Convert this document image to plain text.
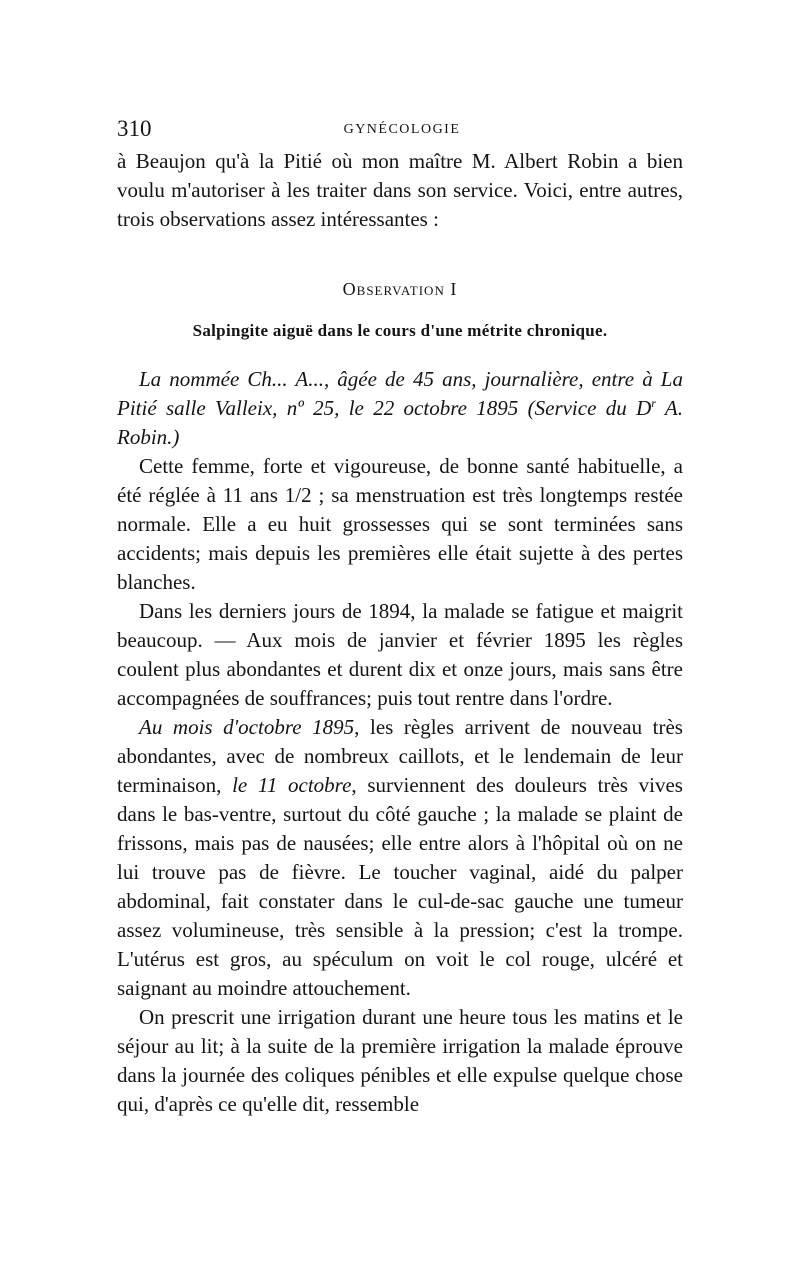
310	GYNÉCOLOGIE

à Beaujon qu'à la Pitié où mon maître M. Albert Robin a bien voulu m'autoriser à les traiter dans son service. Voici, entre autres, trois observations assez intéressantes :

Observation I
Salpingite aiguë dans le cours d'une métrite chronique.

La nommée Ch... A..., âgée de 45 ans, journalière, entre à La Pitié salle Valleix, nº 25, le 22 octobre 1895 (Service du $D^r$ A. Robin.)

Cette femme, forte et vigoureuse, de bonne santé habituelle, a été réglée à 11 ans 1/2 ; sa menstruation est très longtemps restée normale. Elle a eu huit grossesses qui se sont terminées sans accidents; mais depuis les premières elle était sujette à des pertes blanches.

Dans les derniers jours de 1894, la malade se fatigue et maigrit beaucoup. — Aux mois de janvier et février 1895 les règles coulent plus abondantes et durent dix et onze jours, mais sans être accompagnées de souffrances; puis tout rentre dans l'ordre.

Au mois d'octobre 1895, les règles arrivent de nouveau très abondantes, avec de nombreux caillots, et le lendemain de leur terminaison, le 11 octobre, surviennent des douleurs très vives dans le bas-ventre, surtout du côté gauche ; la malade se plaint de frissons, mais pas de nausées; elle entre alors à l'hôpital où on ne lui trouve pas de fièvre. Le toucher vaginal, aidé du palper abdominal, fait constater dans le cul-de-sac gauche une tumeur assez volumineuse, très sensible à la pression; c'est la trompe. L'utérus est gros, au spéculum on voit le col rouge, ulcéré et saignant au moindre attouchement.

On prescrit une irrigation durant une heure tous les matins et le séjour au lit; à la suite de la première irrigation la malade éprouve dans la journée des coliques pénibles et elle expulse quelque chose qui, d'après ce qu'elle dit, ressemble
